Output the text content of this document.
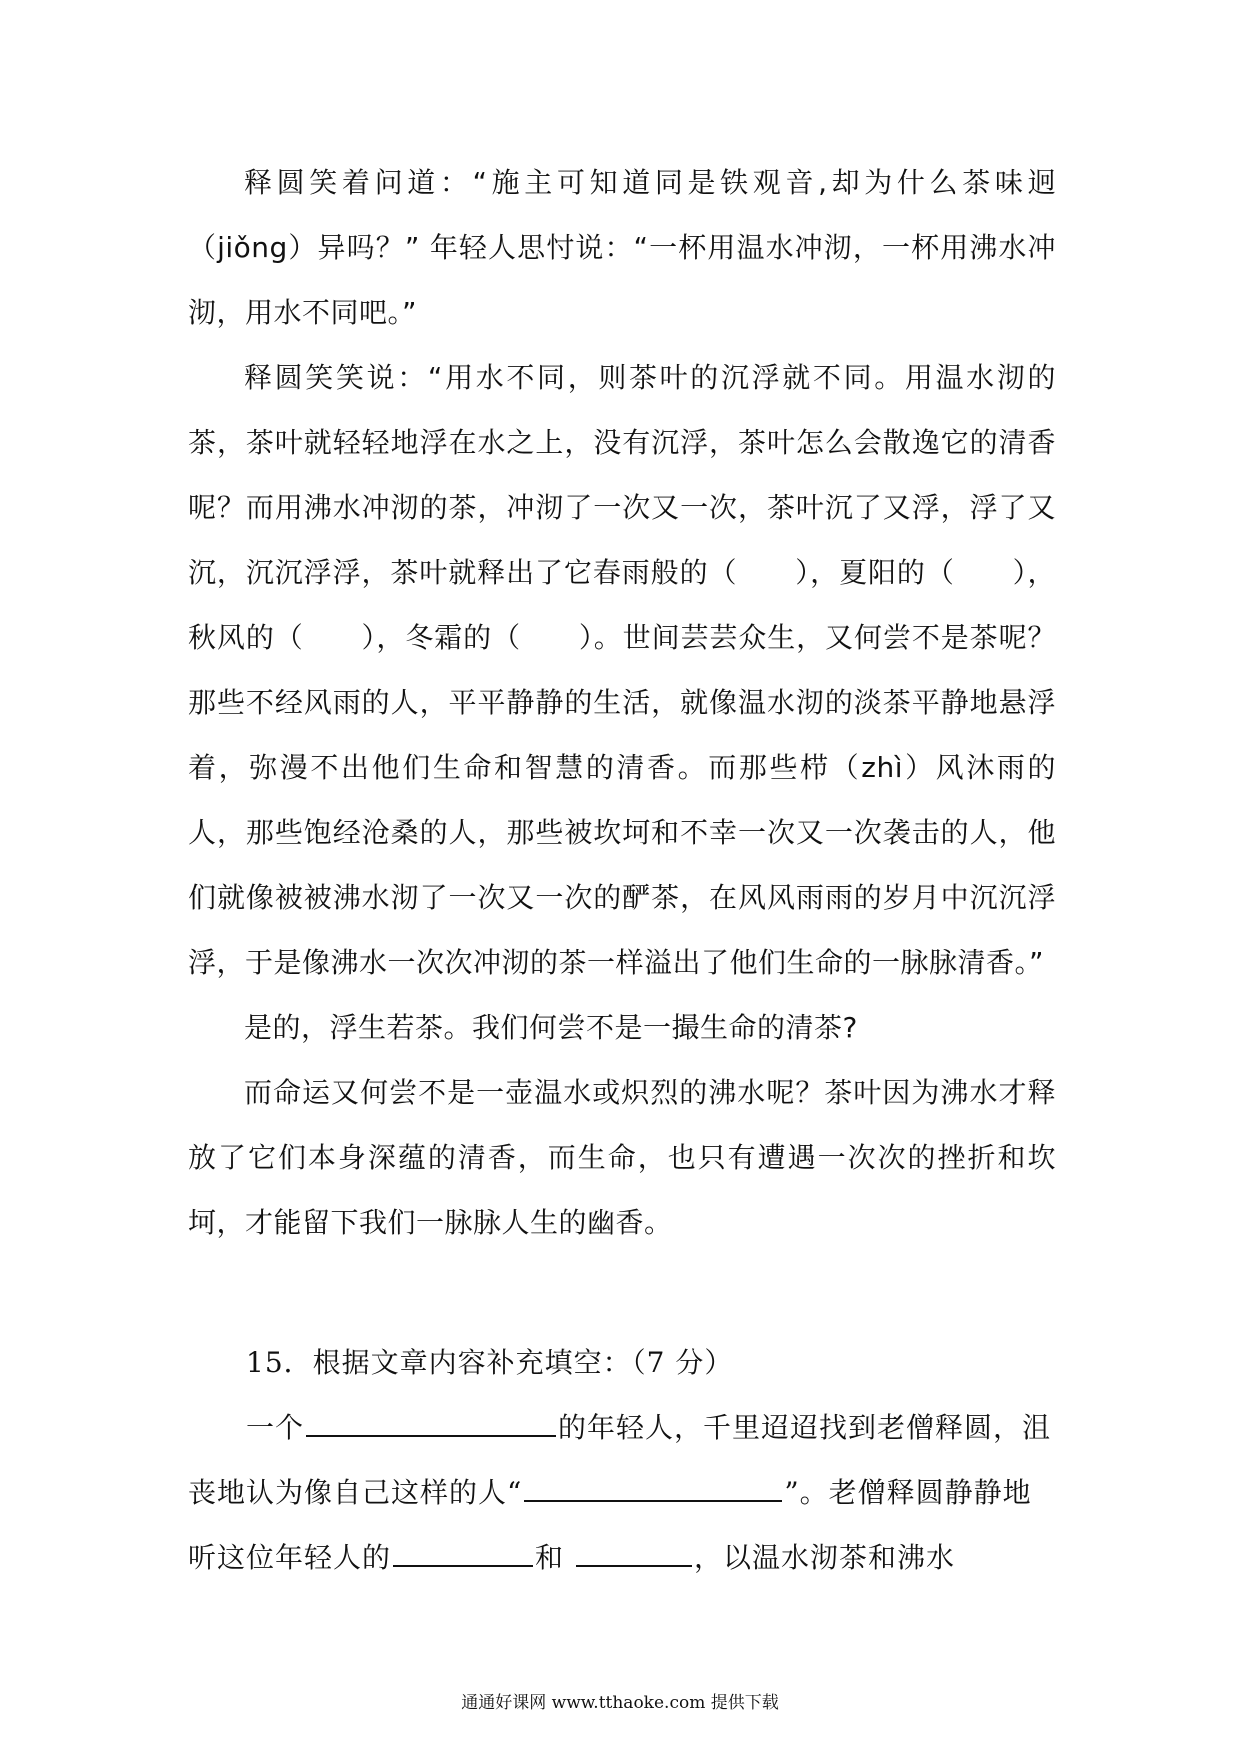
释圆笑着问道：“施主可知道同是铁观音,却为什么茶味迥（jiǒng）异吗？” 年轻人思忖说：“一杯用温水冲沏，一杯用沸水冲沏，用水不同吧。”

释圆笑笑说：“用水不同，则茶叶的沉浮就不同。用温水沏的茶，茶叶就轻轻地浮在水之上，没有沉浮，茶叶怎么会散逸它的清香呢？而用沸水冲沏的茶，冲沏了一次又一次，茶叶沉了又浮，浮了又沉，沉沉浮浮，茶叶就释出了它春雨般的（　　），夏阳的（　　），秋风的（　　），冬霜的（　　）。世间芸芸众生，又何尝不是茶呢？那些不经风雨的人，平平静静的生活，就像温水沏的淡茶平静地悬浮着，弥漫不出他们生命和智慧的清香。而那些栉（zhì）风沐雨的人，那些饱经沧桑的人，那些被坎坷和不幸一次又一次袭击的人，他们就像被被沸水沏了一次又一次的酽茶，在风风雨雨的岁月中沉沉浮浮，于是像沸水一次次冲沏的茶一样溢出了他们生命的一脉脉清香。”

是的，浮生若茶。我们何尝不是一撮生命的清茶?

而命运又何尝不是一壶温水或炽烈的沸水呢？茶叶因为沸水才释放了它们本身深蕴的清香，而生命，也只有遭遇一次次的挫折和坎坷，才能留下我们一脉脉人生的幽香。

15．根据文章内容补充填空：（7 分）

一个	的年轻人，千里迢迢找到老僧释圆，沮丧地认为像自己这样的人“	”。老僧释圆静静地听这位年轻人的	和	，以温水沏茶和沸水

通通好课网 www.tthaoke.com 提供下载
